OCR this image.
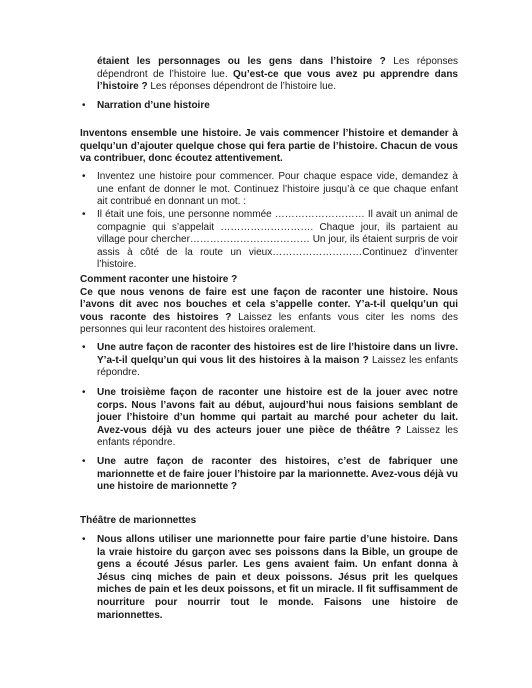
étaient les personnages ou les gens dans l’histoire ? Les réponses dépendront de l’histoire lue. Qu’est-ce que vous avez pu apprendre dans l’histoire ? Les réponses dépendront de l’histoire lue.

• Narration d’une histoire

Inventons ensemble une histoire. Je vais commencer l’histoire et demander à quelqu’un d’ajouter quelque chose qui fera partie de l’histoire. Chacun de vous va contribuer, donc écoutez attentivement.

• Inventez une histoire pour commencer. Pour chaque espace vide, demandez à une enfant de donner le mot. Continuez l’histoire jusqu’à ce que chaque enfant ait contribué en donnant un mot. :

• Il était une fois, une personne nommée ……………………… Il avait un animal de compagnie qui s’appelait ………………………. Chaque jour, ils partaient au village pour chercher……………………………… Un jour, ils étaient surpris de voir assis à côté de la route un vieux………………………Continuez d’inventer l’histoire.

Comment raconter une histoire ?
Ce que nous venons de faire est une façon de raconter une histoire. Nous l’avons dit avec nos bouches et cela s’appelle conter. Y’a-t-il quelqu’un qui vous raconte des histoires ? Laissez les enfants vous citer les noms des personnes qui leur racontent des histoires oralement.

• Une autre façon de raconter des histoires est de lire l’histoire dans un livre. Y’a-t-il quelqu’un qui vous lit des histoires à la maison ? Laissez les enfants répondre.

• Une troisième façon de raconter une histoire est de la jouer avec notre corps. Nous l’avons fait au début, aujourd’hui nous faisions semblant de jouer l’histoire d’un homme qui partait au marché pour acheter du lait. Avez-vous déjà vu des acteurs jouer une pièce de théâtre ? Laissez les enfants répondre.

• Une autre façon de raconter des histoires, c’est de fabriquer une marionnette et de faire jouer l’histoire par la marionnette. Avez-vous déjà vu une histoire de marionnette ?

Théâtre de marionnettes

• Nous allons utiliser une marionnette pour faire partie d’une histoire. Dans la vraie histoire du garçon avec ses poissons dans la Bible, un groupe de gens a écouté Jésus parler. Les gens avaient faim. Un enfant donna à Jésus cinq miches de pain et deux poissons. Jésus prit les quelques miches de pain et les deux poissons, et fit un miracle. Il fit suffisamment de nourriture pour nourrir tout le monde. Faisons une histoire de marionnettes.
